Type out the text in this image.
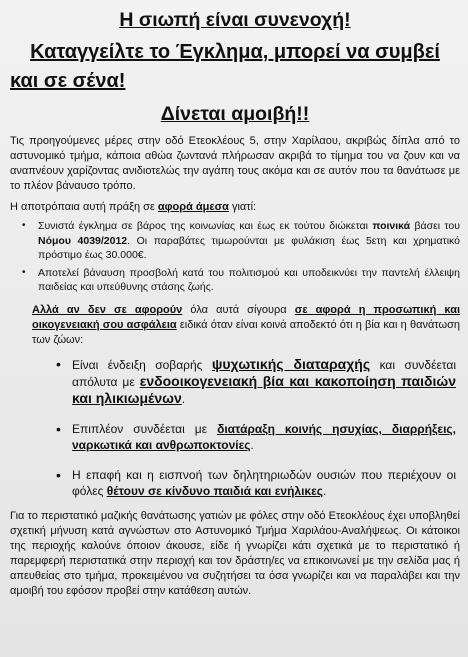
Η σιωπή είναι συνενοχή!
Καταγγείλτε το Έγκλημα, μπορεί να συμβεί
και σε σένα!
Δίνεται αμοιβή!!

Τις προηγούμενες μέρες στην οδό Ετεοκλέους 5, στην Χαρίλαου, ακριβώς δίπλα από το αστυνομικό τμήμα, κάποια αθώα ζωντανά πλήρωσαν ακριβά το τίμημα του να ζουν και να αναπνέουν χαρίζοντας ανιδιοτελώς την αγάπη τους ακόμα και σε αυτόν που τα θανάτωσε με το πλέον βάναυσο τρόπο.

Η αποτρόπαια αυτή πράξη σε αφορά άμεσα γιατί:

• Συνιστά έγκλημα σε βάρος της κοινωνίας και έως εκ τούτου διώκεται ποινικά βάσει του Νόμου 4039/2012. Οι παραβάτες τιμωρούνται με φυλάκιση έως 5ετη και χρηματικό πρόστιμο έως 30.000€.
• Αποτελεί βάναυση προσβολή κατά του πολιτισμού και υποδεικνύει την παντελή έλλειψη παιδείας και υπεύθυνης στάσης ζωής.

Αλλά αν δεν σε αφορούν όλα αυτά σίγουρα σε αφορά η προσωπική και οικογενειακή σου ασφάλεια ειδικά όταν είναι κοινά αποδεκτό ότι η βία και η θανάτωση των ζώων:

• Είναι ένδειξη σοβαρής ψυχωτικής διαταραχής και συνδέεται απόλυτα με ενδοοικογενειακή βία και κακοποίηση παιδιών και ηλικιωμένων.
• Επιπλέον συνδέεται με διατάραξη κοινής ησυχίας, διαρρήξεις, ναρκωτικά και ανθρωποκτονίες.
• Η επαφή και η εισπνοή των δηλητηριωδών ουσιών που περιέχουν οι φόλες θέτουν σε κίνδυνο παιδιά και ενήλικες.

Για το περιστατικό μαζικής θανάτωσης γατιών με φόλες στην οδό Ετεοκλέους έχει υποβληθεί σχετική μήνυση κατά αγνώστων στο Αστυνομικό Τμήμα Χαριλάου-Αναλήψεως. Οι κάτοικοι της περιοχής καλούνε όποιον άκουσε, είδε ή γνωρίζει κάτι σχετικά με το περιστατικό ή παρεμφερή περιστατικά στην περιοχή και τον δράστη/ες να επικοινωνεί με την σελίδα μας ή απευθείας στο τμήμα, προκειμένου να συζητήσει τα όσα γνωρίζει και να παραλάβει και την αμοιβή του εφόσον προβεί στην κατάθεση αυτών.
